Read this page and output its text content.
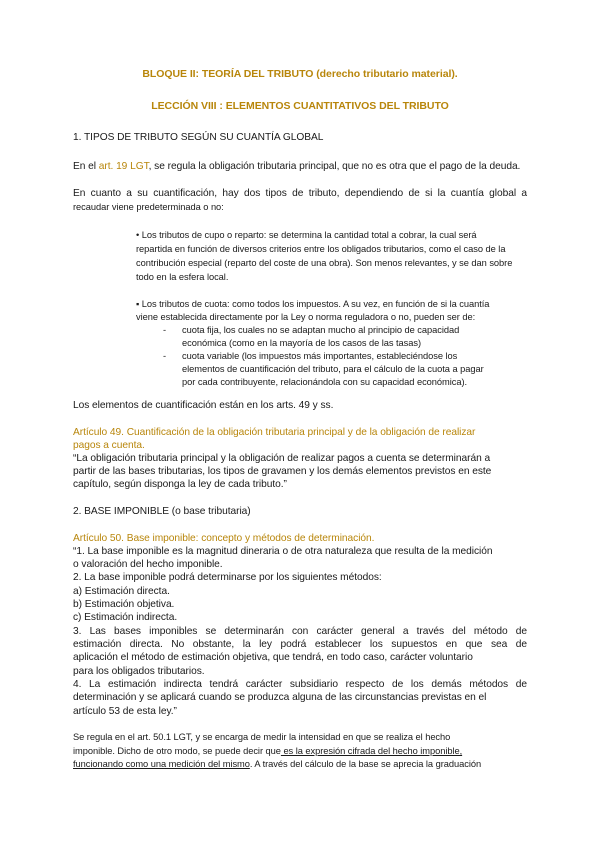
BLOQUE II: TEORÍA DEL TRIBUTO (derecho tributario material).
LECCIÓN VIII : ELEMENTOS CUANTITATIVOS DEL TRIBUTO
1. TIPOS DE TRIBUTO SEGÚN SU CUANTÍA GLOBAL
En el art. 19 LGT, se regula la obligación tributaria principal, que no es otra que el pago de la deuda.
En cuanto a su cuantificación, hay dos tipos de tributo, dependiendo de si la cuantía global a
recaudar viene predeterminada o no:
• Los tributos de cupo o reparto: se determina la cantidad total a cobrar, la cual será
repartida en función de diversos criterios entre los obligados tributarios, como el caso de la
contribución especial (reparto del coste de una obra). Son menos relevantes, y se dan sobre
todo en la esfera local.
▪ Los tributos de cuota: como todos los impuestos. A su vez, en función de si la cuantía
viene establecida directamente por la Ley o norma reguladora o no, pueden ser de:
- cuota fija, los cuales no se adaptan mucho al principio de capacidad
económica (como en la mayoría de los casos de las tasas)
- cuota variable (los impuestos más importantes, estableciéndose los
elementos de cuantificación del tributo, para el cálculo de la cuota a pagar
por cada contribuyente, relacionándola con su capacidad económica).
Los elementos de cuantificación están en los arts. 49 y ss.
Artículo 49. Cuantificación de la obligación tributaria principal y de la obligación de realizar
pagos a cuenta.
“La obligación tributaria principal y la obligación de realizar pagos a cuenta se determinarán a
partir de las bases tributarias, los tipos de gravamen y los demás elementos previstos en este
capítulo, según disponga la ley de cada tributo.”
2. BASE IMPONIBLE (o base tributaria)
Artículo 50. Base imponible: concepto y métodos de determinación.
“1. La base imponible es la magnitud dineraria o de otra naturaleza que resulta de la medición
o valoración del hecho imponible.
2. La base imponible podrá determinarse por los siguientes métodos:
a) Estimación directa.
b) Estimación objetiva.
c) Estimación indirecta.
3. Las bases imponibles se determinarán con carácter general a través del método de
estimación directa. No obstante, la ley podrá establecer los supuestos en que sea de
aplicación el método de estimación objetiva, que tendrá, en todo caso, carácter voluntario
para los obligados tributarios.
4. La estimación indirecta tendrá carácter subsidiario respecto de los demás métodos de
determinación y se aplicará cuando se produzca alguna de las circunstancias previstas en el
artículo 53 de esta ley.”
Se regula en el art. 50.1 LGT, y se encarga de medir la intensidad en que se realiza el hecho
imponible. Dicho de otro modo, se puede decir que es la expresión cifrada del hecho imponible,
funcionando como una medición del mismo. A través del cálculo de la base se aprecia la graduación
